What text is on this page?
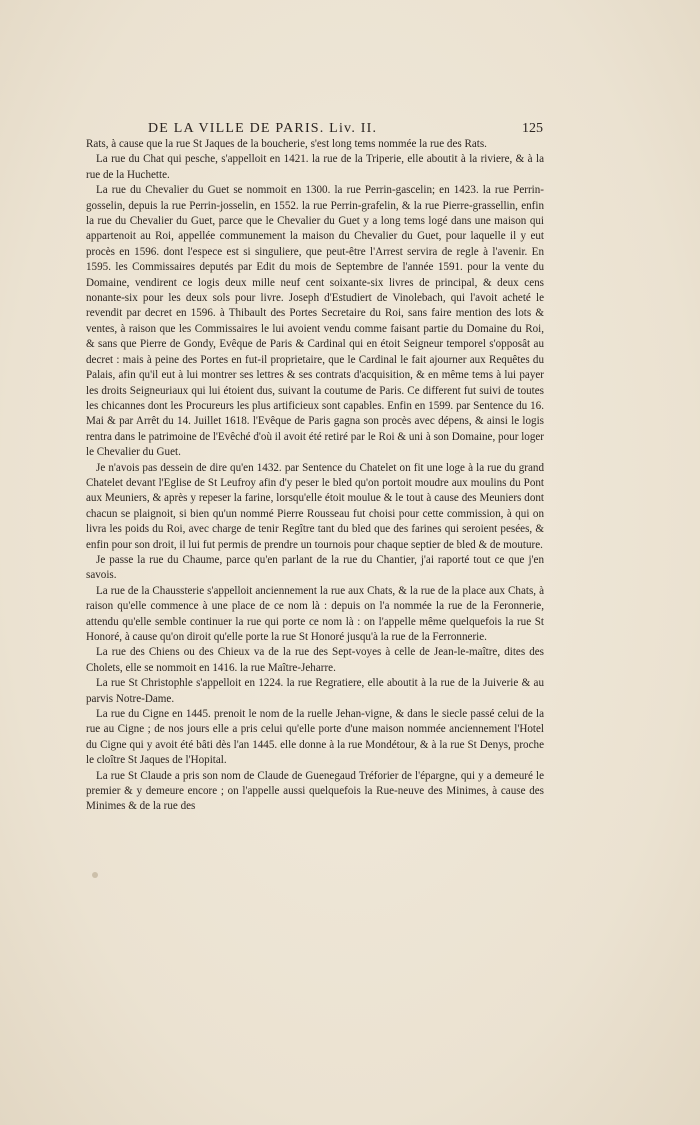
DE LA VILLE DE PARIS. Liv. II.	125

Rats, à cause que la rue St Jaques de la boucherie, s'est long tems nommée la rue des Rats.

La rue du Chat qui pesche, s'appelloit en 1421. la rue de la Triperie, elle aboutit à la riviere, & à la rue de la Huchette.

La rue du Chevalier du Guet se nommoit en 1300. la rue Perrin-gascelin; en 1423. la rue Perrin-gosselin, depuis la rue Perrin-josselin, en 1552. la rue Perrin-grafelin, & la rue Pierre-grassellin, enfin la rue du Chevalier du Guet, parce que le Chevalier du Guet y a long tems logé dans une maison qui appartenoit au Roi, appellée communement la maison du Chevalier du Guet, pour laquelle il y eut procès en 1596. dont l'espece est si singuliere, que peut-être l'Arrest servira de regle à l'avenir. En 1595. les Commissaires deputés par Edit du mois de Septembre de l'année 1591. pour la vente du Domaine, vendirent ce logis deux mille neuf cent soixante-six livres de principal, & deux cens nonante-six pour les deux sols pour livre. Joseph d'Estudiert de Vinolebach, qui l'avoit acheté le revendit par decret en 1596. à Thibault des Portes Secretaire du Roi, sans faire mention des lots & ventes, à raison que les Commissaires le lui avoient vendu comme faisant partie du Domaine du Roi, & sans que Pierre de Gondy, Evêque de Paris & Cardinal qui en étoit Seigneur temporel s'opposât au decret : mais à peine des Portes en fut-il proprietaire, que le Cardinal le fait ajourner aux Requêtes du Palais, afin qu'il eut à lui montrer ses lettres & ses contrats d'acquisition, & en même tems à lui payer les droits Seigneuriaux qui lui étoient dus, suivant la coutume de Paris. Ce different fut suivi de toutes les chicannes dont les Procureurs les plus artificieux sont capables. Enfin en 1599. par Sentence du 16. Mai & par Arrêt du 14. Juillet 1618. l'Evêque de Paris gagna son procès avec dépens, & ainsi le logis rentra dans le patrimoine de l'Evêché d'où il avoit été retiré par le Roi & uni à son Domaine, pour loger le Chevalier du Guet.

Je n'avois pas dessein de dire qu'en 1432. par Sentence du Chatelet on fit une loge à la rue du grand Chatelet devant l'Eglise de St Leufroy afin d'y peser le bled qu'on portoit moudre aux moulins du Pont aux Meuniers, & après y repeser la farine, lorsqu'elle étoit moulue & le tout à cause des Meuniers dont chacun se plaignoit, si bien qu'un nommé Pierre Rousseau fut choisi pour cette commission, à qui on livra les poids du Roi, avec charge de tenir Regître tant du bled que des farines qui seroient pesées, & enfin pour son droit, il lui fut permis de prendre un tournois pour chaque septier de bled & de mouture.

Je passe la rue du Chaume, parce qu'en parlant de la rue du Chantier, j'ai raporté tout ce que j'en savois.

La rue de la Chaussterie s'appelloit anciennement la rue aux Chats, & la rue de la place aux Chats, à raison qu'elle commence à une place de ce nom là : depuis on l'a nommée la rue de la Feronnerie, attendu qu'elle semble continuer la rue qui porte ce nom là : on l'appelle même quelquefois la rue St Honoré, à cause qu'on diroit qu'elle porte la rue St Honoré jusqu'à la rue de la Ferronnerie.

La rue des Chiens ou des Chieux va de la rue des Sept-voyes à celle de Jean-le-maître, dites des Cholets, elle se nommoit en 1416. la rue Maître-Jeharre.

La rue St Christophle s'appelloit en 1224. la rue Regratiere, elle aboutit à la rue de la Juiverie & au parvis Notre-Dame.

La rue du Cigne en 1445. prenoit le nom de la ruelle Jehan-vigne, & dans le siecle passé celui de la rue au Cigne ; de nos jours elle a pris celui qu'elle porte d'une maison nommée anciennement l'Hotel du Cigne qui y avoit été bâti dès l'an 1445. elle donne à la rue Mondétour, & à la rue St Denys, proche le cloître St Jaques de l'Hopital.

La rue St Claude a pris son nom de Claude de Guenegaud Tréforier de l'épargne, qui y a demeuré le premier & y demeure encore ; on l'appelle aussi quelquefois la Rue-neuve des Minimes, à cause des Minimes & de la rue des
